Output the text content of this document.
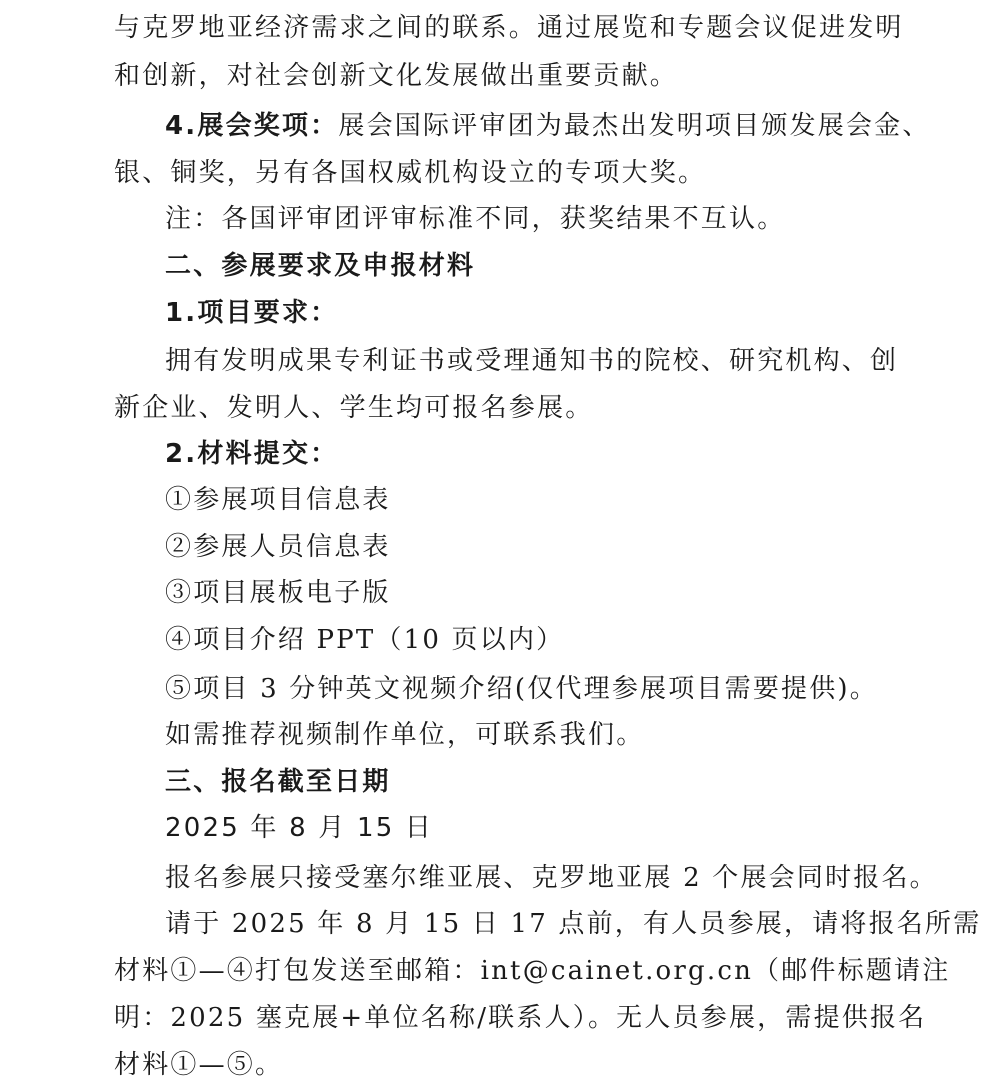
与克罗地亚经济需求之间的联系。通过展览和专题会议促进发明
和创新，对社会创新文化发展做出重要贡献。
4.展会奖项：展会国际评审团为最杰出发明项目颁发展会金、
银、铜奖，另有各国权威机构设立的专项大奖。
注：各国评审团评审标准不同，获奖结果不互认。
二、参展要求及申报材料
1.项目要求：
拥有发明成果专利证书或受理通知书的院校、研究机构、创
新企业、发明人、学生均可报名参展。
2.材料提交：
①参展项目信息表
②参展人员信息表
③项目展板电子版
④项目介绍 PPT（10 页以内）
⑤项目 3 分钟英文视频介绍(仅代理参展项目需要提供)。
如需推荐视频制作单位，可联系我们。
三、报名截至日期
2025 年 8 月 15 日
报名参展只接受塞尔维亚展、克罗地亚展 2 个展会同时报名。
请于 2025 年 8 月 15 日 17 点前，有人员参展，请将报名所需
材料①—④打包发送至邮箱：int@cainet.org.cn（邮件标题请注
明：2025 塞克展+单位名称/联系人）。无人员参展，需提供报名
材料①—⑤。
